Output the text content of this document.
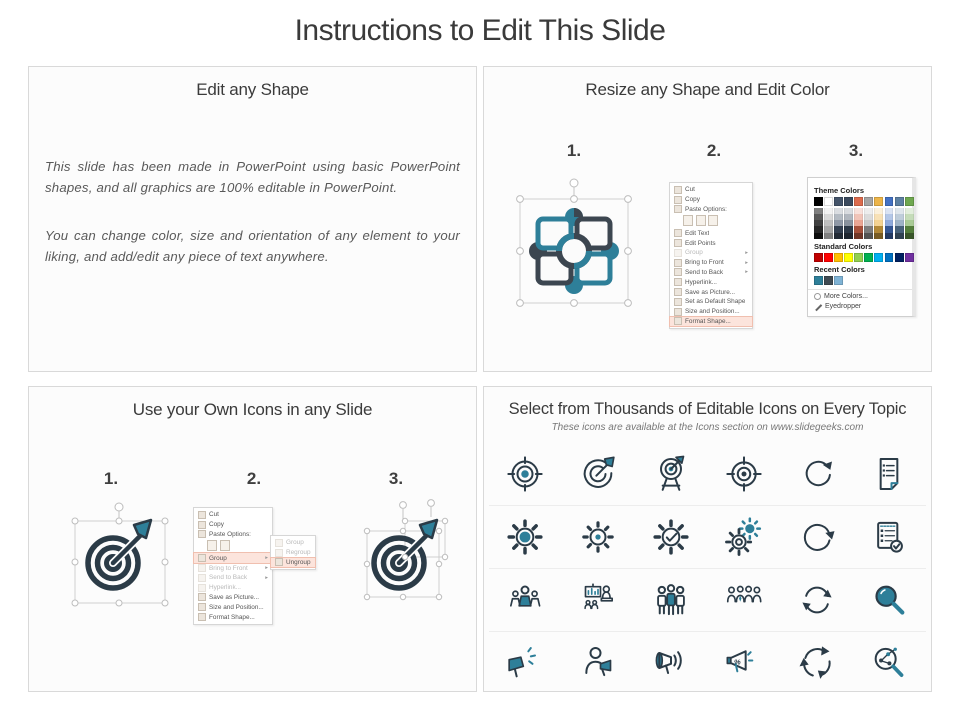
Instructions to Edit This Slide
Edit any Shape

This slide has been made in PowerPoint using basic PowerPoint shapes, and all graphics are 100% editable in PowerPoint.

You can change color, size and orientation of any element to your liking, and add/edit any piece of text anywhere.

Resize any Shape and Edit Color
1.	2.	3.
Cut
Copy
Paste Options:
Edit Text
Edit Points
Group	▸
Bring to Front	▸
Send to Back	▸
Hyperlink...
Save as Picture...
Set as Default Shape
Size and Position...
Format Shape...
Theme Colors
Standard Colors
Recent Colors
More Colors...
Eyedropper
Use your Own Icons in any Slide
1.	2.	3.
Cut
Copy
Paste Options:
Group	▸
Bring to Front	▸
Send to Back	▸
Hyperlink...
Save as Picture...
Size and Position...
Format Shape...
Group
Regroup
Ungroup
Select from Thousands of Editable Icons on Every Topic
These icons are available at the Icons section on www.slidegeeks.com
%
